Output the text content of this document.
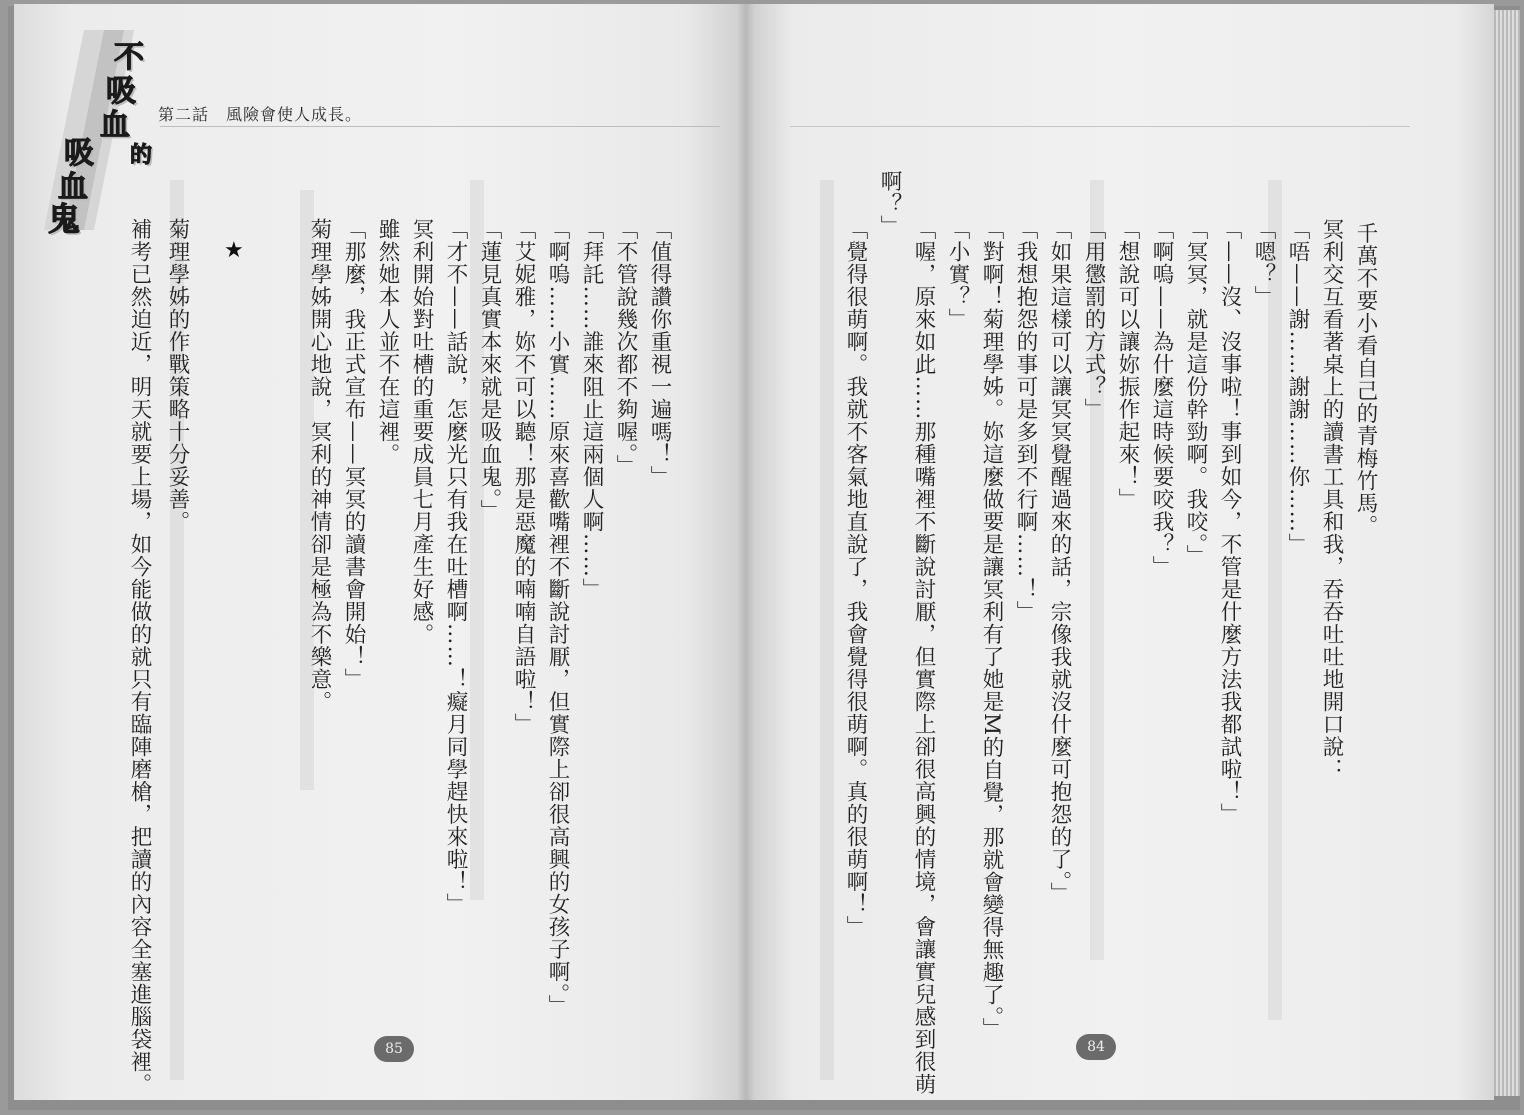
不
吸
血
的
吸
血
鬼
第二話　風險會使人成長。
「值得讚你重視一遍嗎！」
「不管說幾次都不夠喔。」
「拜託……誰來阻止這兩個人啊……」
「啊嗚……小實……原來喜歡嘴裡不斷說討厭，但實際上卻很高興的女孩子啊。」
「艾妮雅，妳不可以聽！那是惡魔的喃喃自語啦！」
「蓮見真實本來就是吸血鬼。」
「才不——話說，怎麼光只有我在吐槽啊……！癡月同學趕快來啦！」
冥利開始對吐槽的重要成員七月產生好感。
雖然她本人並不在這裡。
「那麼，我正式宣布——冥冥的讀書會開始！」
菊理學姊開心地說，冥利的神情卻是極為不樂意。
★
菊理學姊的作戰策略十分妥善。
補考已然迫近，明天就要上場，如今能做的就只有臨陣磨槍，把讀的內容全塞進腦袋裡。	85
千萬不要小看自己的青梅竹馬。
冥利交互看著桌上的讀書工具和我，吞吞吐吐地開口說：
「唔——謝……謝謝……你……」
「嗯？」
「——沒、沒事啦！事到如今，不管是什麼方法我都試啦！」
「冥冥，就是這份幹勁啊。我咬。」
「啊嗚——為什麼這時候要咬我？」
「想說可以讓妳振作起來！」
「用懲罰的方式？」
「如果這樣可以讓冥冥覺醒過來的話，宗像我就沒什麼可抱怨的了。」
「我想抱怨的事可是多到不行啊……！」
「對啊！菊理學姊。妳這麼做要是讓冥利有了她是M的自覺，那就會變得無趣了。」
「小實？」
「喔，原來如此……那種嘴裡不斷說討厭，但實際上卻很高興的情境，會讓實兒感到很萌
啊？」
「覺得很萌啊。我就不客氣地直說了，我會覺得很萌啊。真的很萌啊！」
84
